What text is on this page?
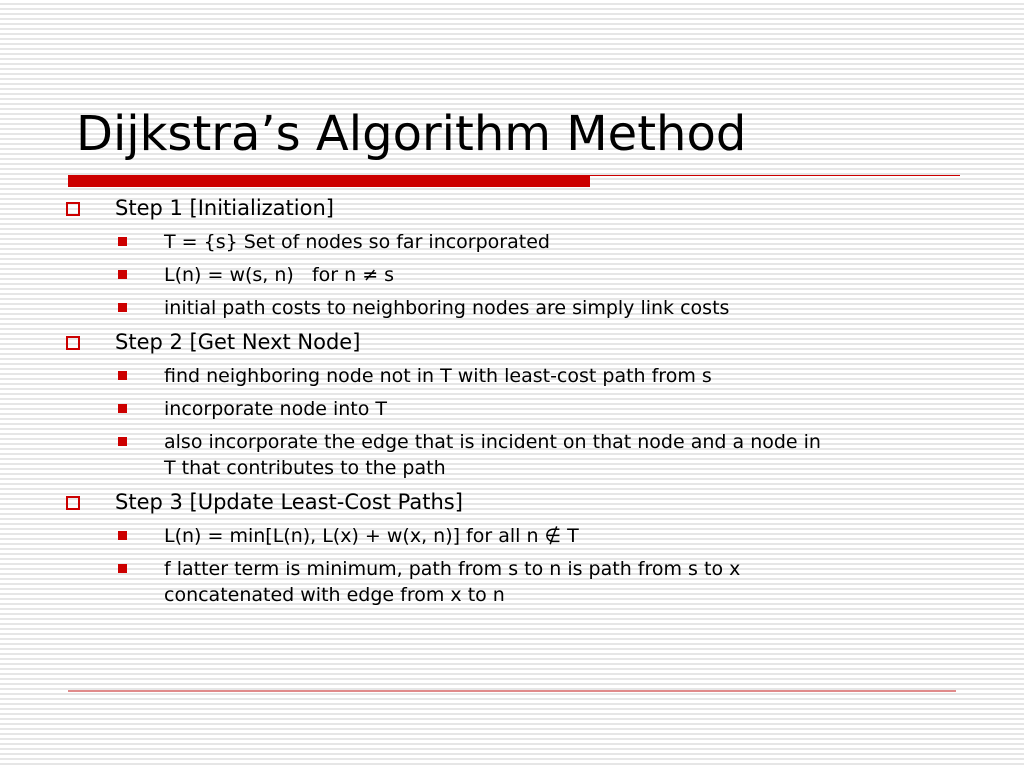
Dijkstra’s Algorithm Method
Step 1 [Initialization]
T = {s} Set of nodes so far incorporated
L(n) = w(s, n)   for n ≠ s
initial path costs to neighboring nodes are simply link costs
Step 2 [Get Next Node]
find neighboring node not in T with least-cost path from s
incorporate node into T
also incorporate the edge that is incident on that node and a node in
T that contributes to the path
Step 3 [Update Least-Cost Paths]
L(n) = min[L(n), L(x) + w(x, n)] for all n ∉ T
f latter term is minimum, path from s to n is path from s to x
concatenated with edge from x to n
